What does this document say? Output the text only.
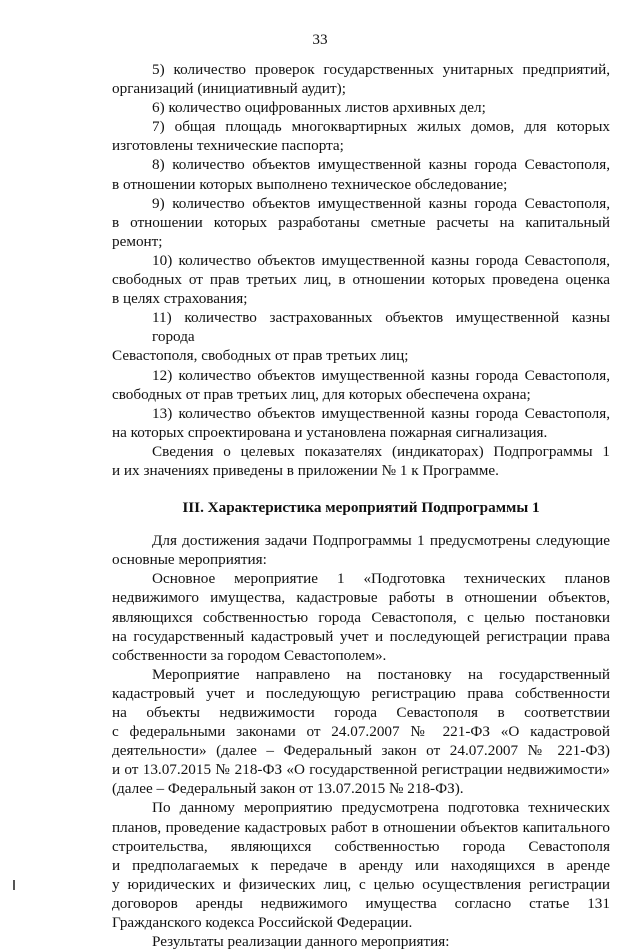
33
5) количество проверок государственных унитарных предприятий,
организаций (инициативный аудит);
6) количество оцифрованных листов архивных дел;
7) общая площадь многоквартирных жилых домов, для которых
изготовлены технические паспорта;
8) количество объектов имущественной казны города Севастополя,
в отношении которых выполнено техническое обследование;
9) количество объектов имущественной казны города Севастополя,
в отношении которых разработаны сметные расчеты на капитальный ремонт;
10) количество объектов имущественной казны города Севастополя,
свободных от прав третьих лиц, в отношении которых проведена оценка
в целях страхования;
11) количество застрахованных объектов имущественной казны города
Севастополя, свободных от прав третьих лиц;
12) количество объектов имущественной казны города Севастополя,
свободных от прав третьих лиц, для которых обеспечена охрана;
13) количество объектов имущественной казны города Севастополя,
на которых спроектирована и установлена пожарная сигнализация.
Сведения о целевых показателях (индикаторах) Подпрограммы 1
и их значениях приведены в приложении № 1 к Программе.
III. Характеристика мероприятий Подпрограммы 1
Для достижения задачи Подпрограммы 1 предусмотрены следующие
основные мероприятия:
Основное мероприятие 1 «Подготовка технических планов
недвижимого имущества, кадастровые работы в отношении объектов,
являющихся собственностью города Севастополя, с целью постановки
на государственный кадастровый учет и последующей регистрации права
собственности за городом Севастополем».
Мероприятие направлено на постановку на государственный
кадастровый учет и последующую регистрацию права собственности
на объекты недвижимости города Севастополя в соответствии
с федеральными законами от 24.07.2007 № 221-ФЗ «О кадастровой
деятельности» (далее – Федеральный закон от 24.07.2007 № 221-ФЗ)
и от 13.07.2015 № 218-ФЗ «О государственной регистрации недвижимости»
(далее – Федеральный закон от 13.07.2015 № 218-ФЗ).
По данному мероприятию предусмотрена подготовка технических
планов, проведение кадастровых работ в отношении объектов капитального
строительства, являющихся собственностью города Севастополя
и предполагаемых к передаче в аренду или находящихся в аренде
у юридических и физических лиц, с целью осуществления регистрации
договоров аренды недвижимого имущества согласно статье 131
Гражданского кодекса Российской Федерации.
Результаты реализации данного мероприятия:
